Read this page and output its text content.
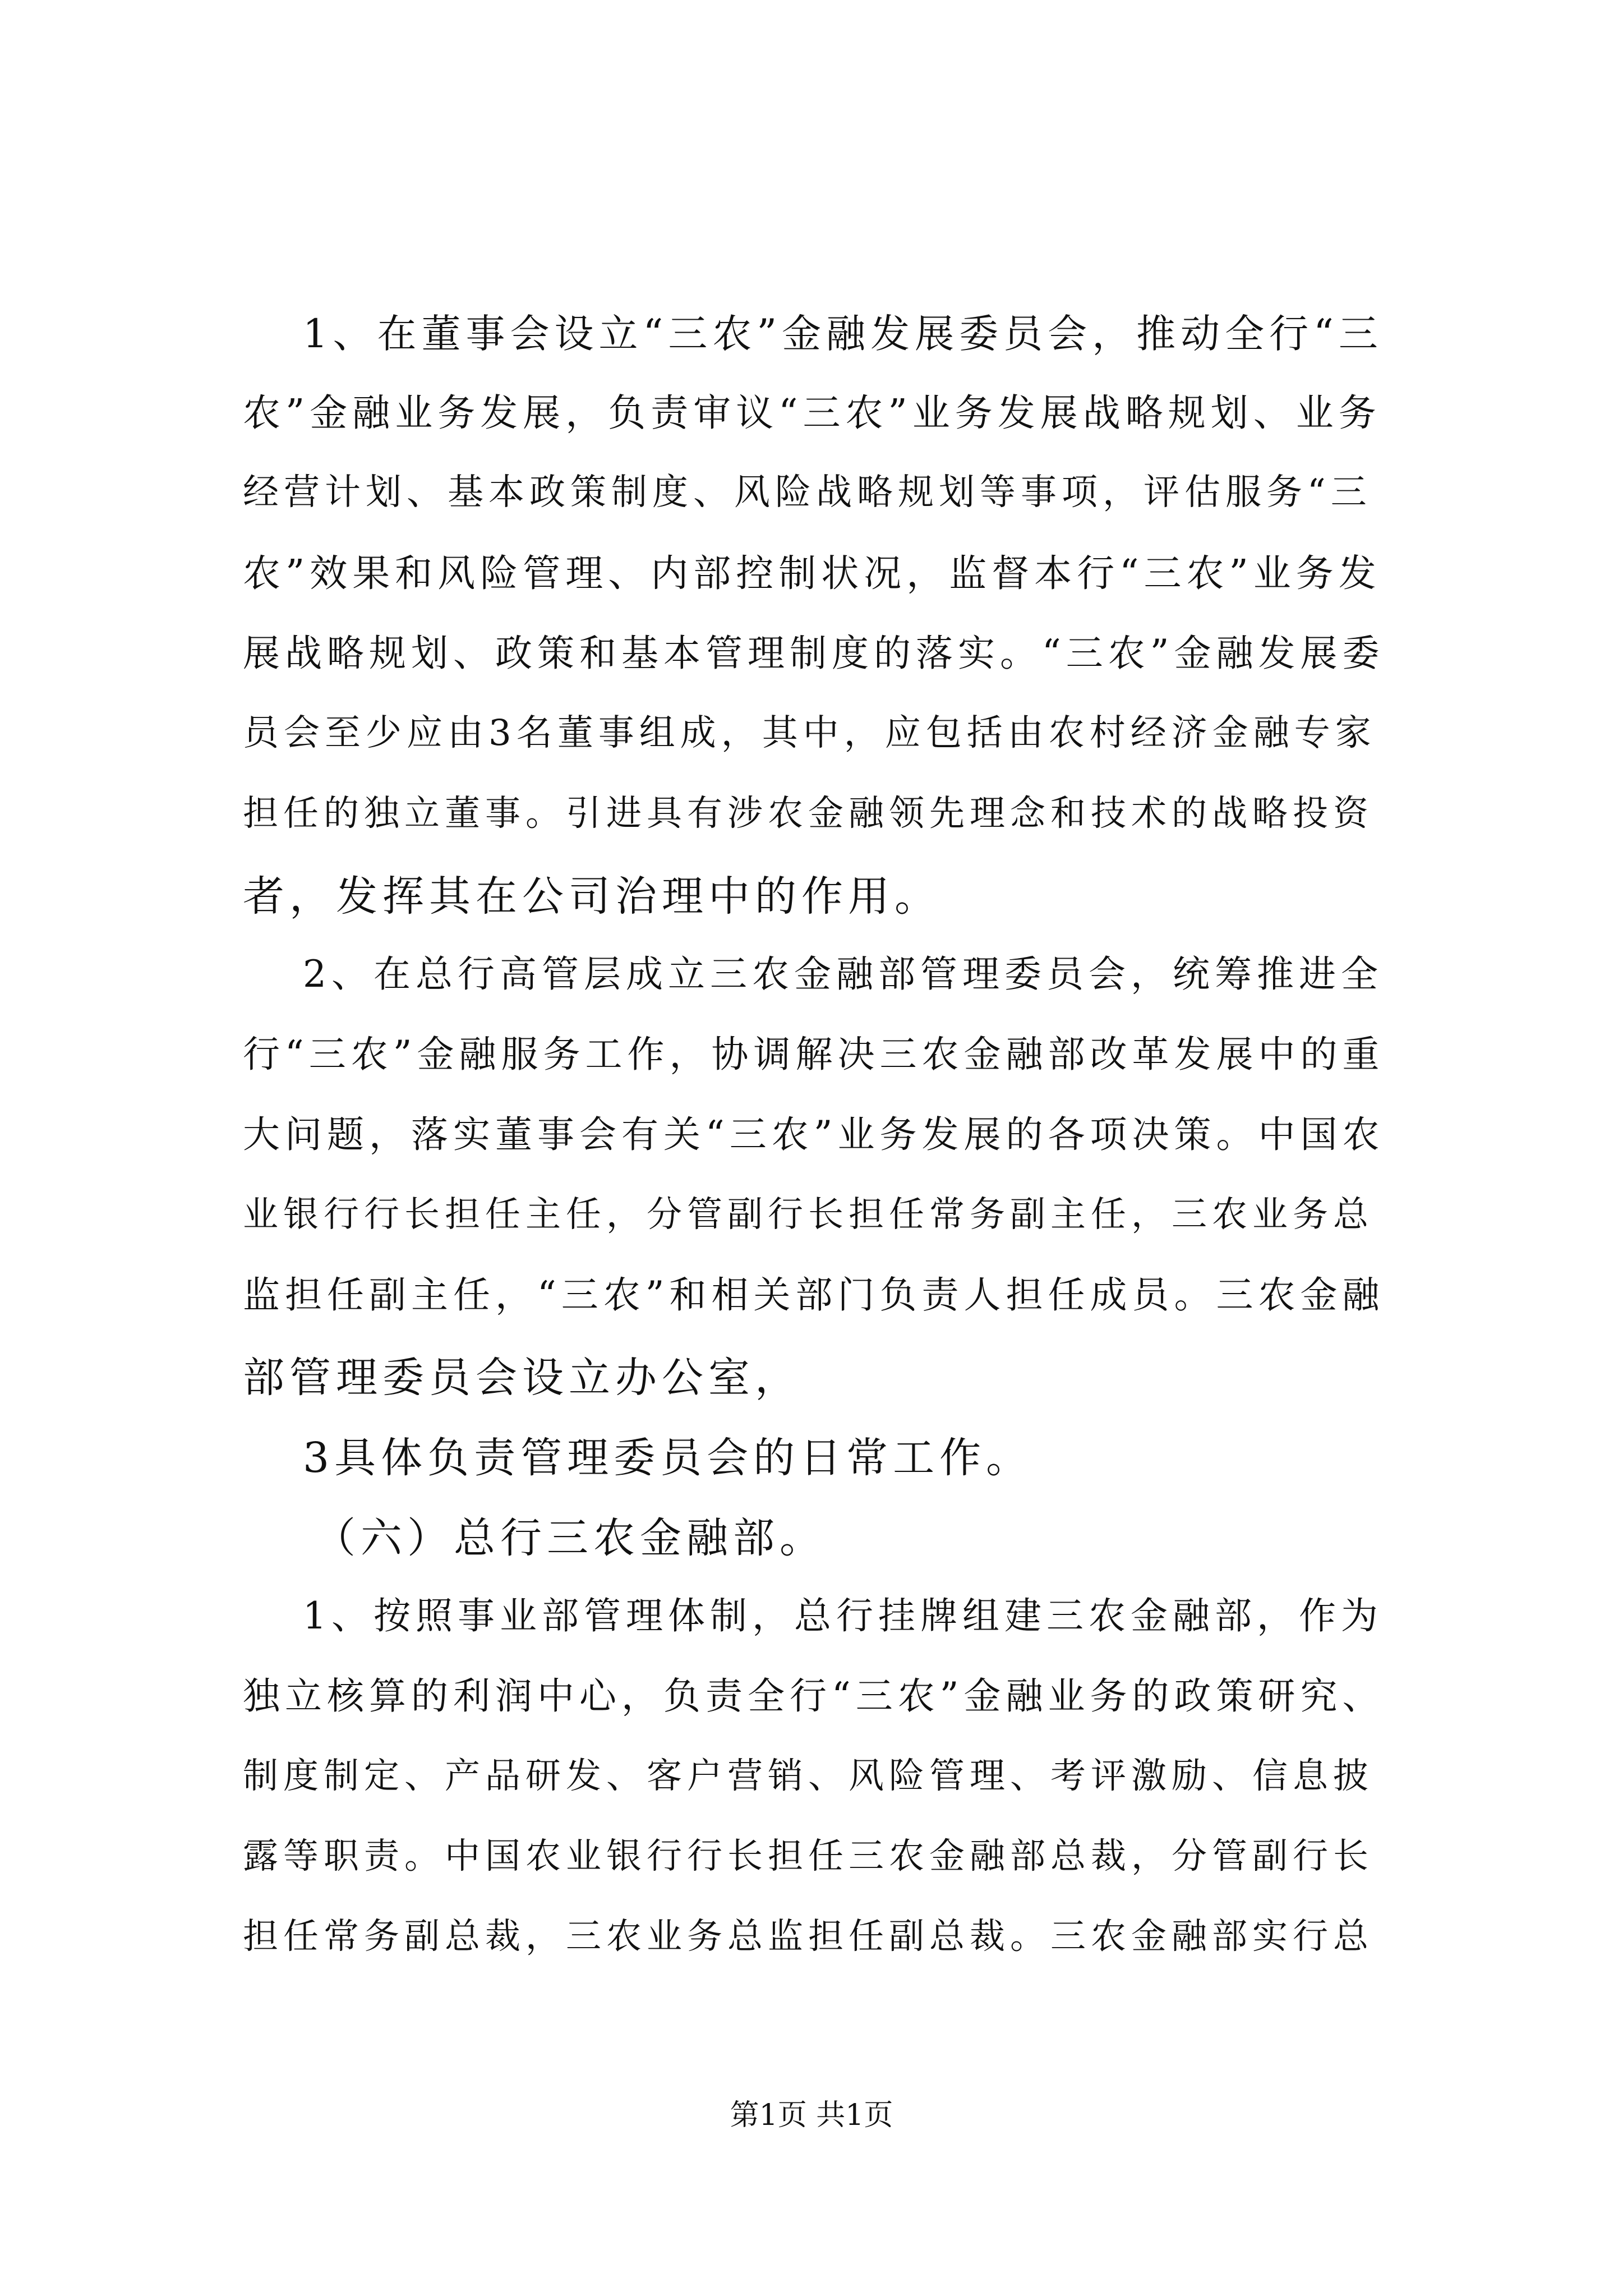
1、在董事会设立“三农”金融发展委员会，推动全行“三
农”金融业务发展，负责审议“三农”业务发展战略规划、业务
经营计划、基本政策制度、风险战略规划等事项，评估服务“三
农”效果和风险管理、内部控制状况，监督本行“三农”业务发
展战略规划、政策和基本管理制度的落实。“三农”金融发展委
员会至少应由3名董事组成，其中，应包括由农村经济金融专家
担任的独立董事。引进具有涉农金融领先理念和技术的战略投资
者，发挥其在公司治理中的作用。
2、在总行高管层成立三农金融部管理委员会，统筹推进全
行“三农”金融服务工作，协调解决三农金融部改革发展中的重
大问题，落实董事会有关“三农”业务发展的各项决策。中国农
业银行行长担任主任，分管副行长担任常务副主任，三农业务总
监担任副主任，“三农”和相关部门负责人担任成员。三农金融
部管理委员会设立办公室，
3具体负责管理委员会的日常工作。
（六）总行三农金融部。
1、按照事业部管理体制，总行挂牌组建三农金融部，作为
独立核算的利润中心，负责全行“三农”金融业务的政策研究、
制度制定、产品研发、客户营销、风险管理、考评激励、信息披
露等职责。中国农业银行行长担任三农金融部总裁，分管副行长
担任常务副总裁，三农业务总监担任副总裁。三农金融部实行总
第1页 共1页
